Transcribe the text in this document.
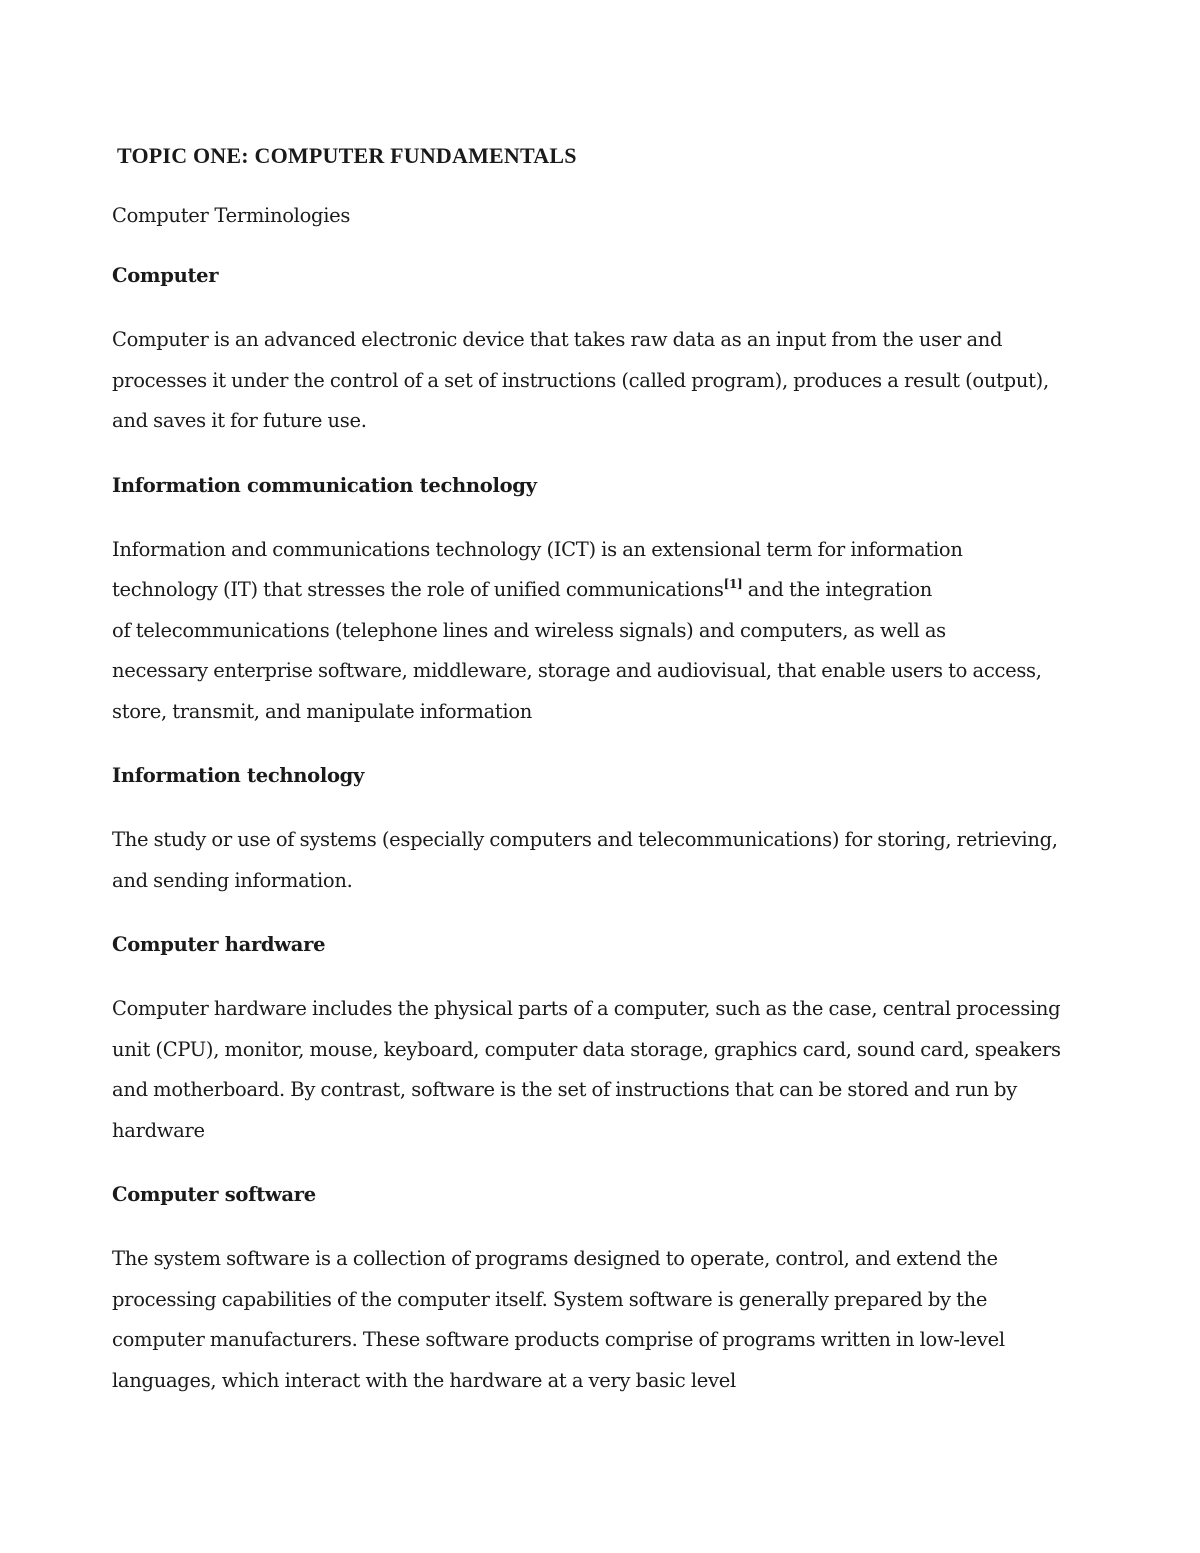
TOPIC ONE: COMPUTER FUNDAMENTALS

Computer Terminologies

Computer

Computer is an advanced electronic device that takes raw data as an input from the user and
processes it under the control of a set of instructions (called program), produces a result (output),
and saves it for future use.

Information communication technology

Information and communications technology (ICT) is an extensional term for information
technology (IT) that stresses the role of unified communications[1] and the integration
of telecommunications (telephone lines and wireless signals) and computers, as well as
necessary enterprise software, middleware, storage and audiovisual, that enable users to access,
store, transmit, and manipulate information

Information technology

The study or use of systems (especially computers and telecommunications) for storing, retrieving,
and sending information.

Computer hardware

Computer hardware includes the physical parts of a computer, such as the case, central processing
unit (CPU), monitor, mouse, keyboard, computer data storage, graphics card, sound card, speakers
and motherboard. By contrast, software is the set of instructions that can be stored and run by
hardware

Computer software

The system software is a collection of programs designed to operate, control, and extend the
processing capabilities of the computer itself. System software is generally prepared by the
computer manufacturers. These software products comprise of programs written in low-level
languages, which interact with the hardware at a very basic level
